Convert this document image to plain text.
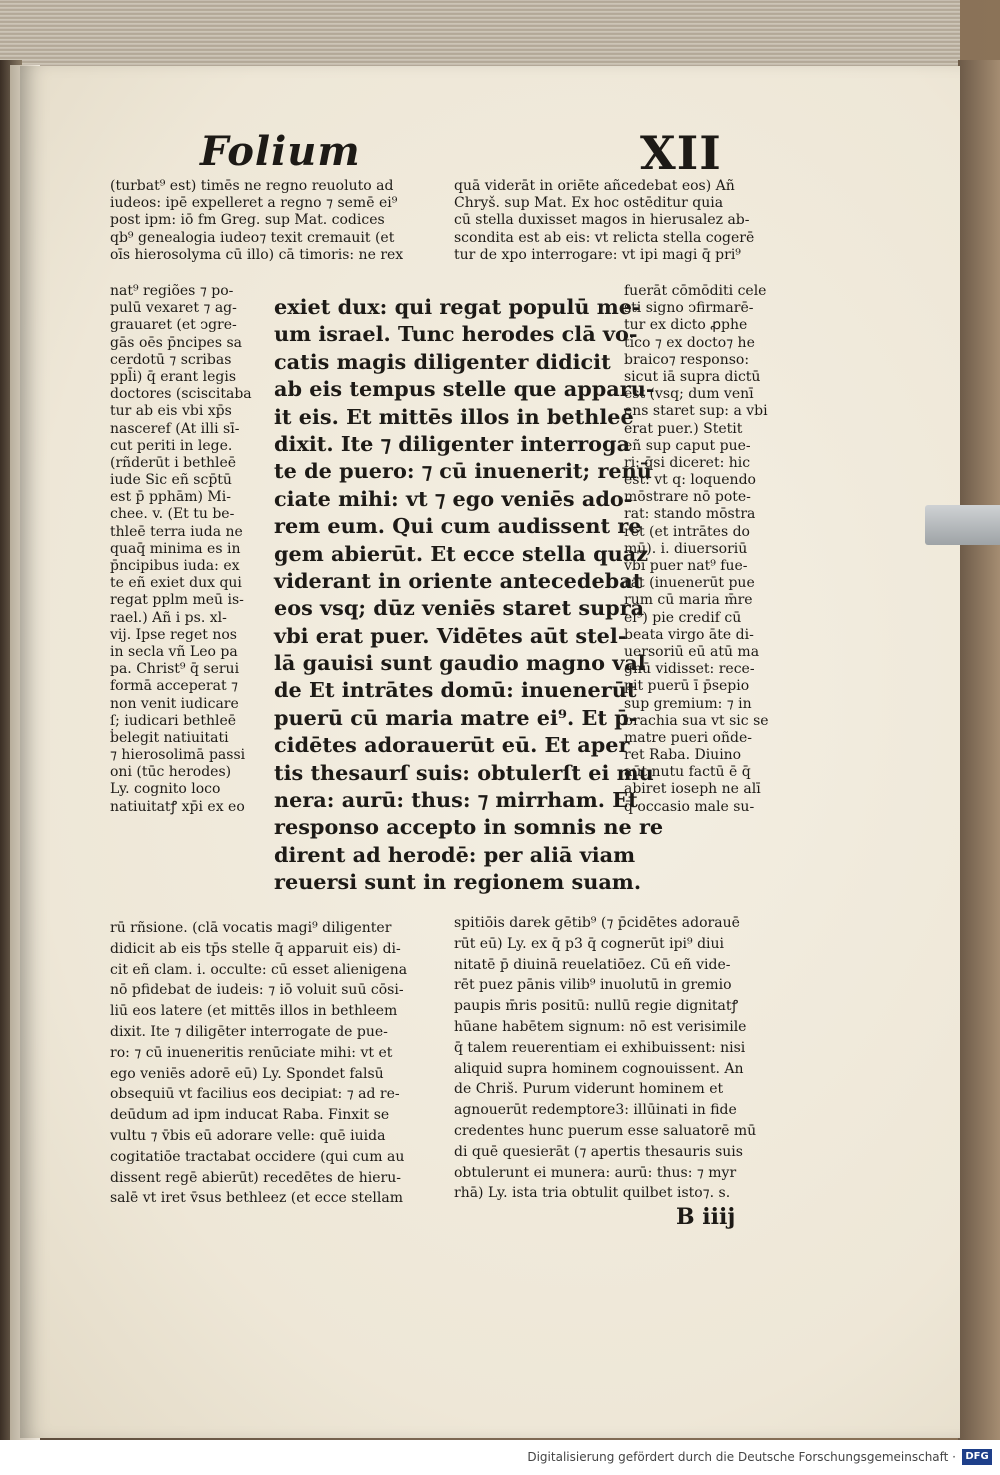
Folium	XII
(turbat⁹ est) timēs ne regno reuoluto ad
iudeos: ipē expelleret a regno ⁊ semē ei⁹
post ipm: iō fm Greg. sup Mat. codices
qb⁹ genealogia iudeo⁊ texit cremauit (et
oīs hierosolyma cū illo) cā timoris: ne rex
quā viderāt in oriēte añcedebat eos) Añ
Chryš. sup Mat. Ex hoc ostēditur quia
cū stella duxisset magos in hierusalez ab-
scondita est ab eis: vt relicta stella cogerē
tur de xpo interrogare: vt ipi magi q̄ pri⁹
nat⁹ regiões ⁊ po-
pulū vexaret ⁊ ag-
grauaret (et ↄgre-
gās oēs p̄ncipes sa
cerdotū ⁊ scribas
ppl̄i) q̄ erant legis
doctores (sciscitaba
tur ab eis vbi xp̄s
nasceref (At illi sī-
cut periti in lege.
(rñderūt i bethleē
iude Sic eñ scp̄tū
est p̄ pphām) Mi-
chee. v. (Et tu be-
thleē terra iuda ne
quaq̄ minima es in
p̄ncipibus iuda: ex
te eñ exiet dux qui
regat pplm meū is-
rael.) Añ i ps. xl-
vij. Ipse reget nos
in secla vñ Leo pa
pa. Christ⁹ q̄ serui
formā acceperat ⁊
non venit iudicare
ſ; iudicari bethleē
ḃelegit natiuitati
⁊ hierosolimā passi
oni (tūc herodes)
Ly. cognito loco
natiuitatꝭ xp̄i ex eo
exiet dux: qui regat populū me-
um israel. Tunc herodes clā vo-
catis magis diligenter didicit
ab eis tempus stelle que apparu-
it eis. Et mittēs illos in bethleē
dixit. Ite ⁊ diligenter interroga
te de puero: ⁊ cū inuenerit; renū
ciate mihi: vt ⁊ ego veniēs ado-
rem eum. Qui cum audissent re
gem abierūt. Et ecce stella quaz
viderant in oriente antecedebat
eos vsq; dūz veniēs staret supra
vbi erat puer. Vidētes aūt stel-
lā gauisi sunt gaudio magno val
de Et intrātes domū: inuenerūt
puerū cū maria matre ei⁹. Et p̄-
cidētes adorauerūt eū. Et aper
tis thesaurſ suis: obtulerſt ei mu
nera: aurū: thus: ⁊ mirrham. Et
responso accepto in somnis ne re
dirent ad herodē: per aliā viam
reuersi sunt in regionem suam.
fuerāt cōmōditi cele
sti signo ↄfirmarē-
tur ex dicto ꝓphe
tico ⁊ ex docto⁊ he
braico⁊ responso:
sicut iā supra dictū
est (vsq; dum venī
ens staret sup: a vbi
erat puer.) Stetit
eñ sup caput pue-
ri: q̄si diceret: hic
est: vt q: loquendo
mōstrare nō pote-
rat: stando mōstra
ret (et intrātes do
mū). i. diuersoriū
vbi puer nat⁹ fue-
rat (inuenerūt pue
rum cū maria m̄re
ei⁹) pie credif cū
beata virgo āte di-
uersoriū eū atū ma
gnū vidisset: rece-
pit puerū ī p̄sepio
sup gremium: ⁊ in
brachia sua vt sic se
matre pueri oñde-
ret Raba. Diuino
aūt nutu factū ē q̄
abiret ioseph ne alī
q̄ occasio male su-
rū rñsione. (clā vocatis magi⁹ diligenter
didicit ab eis tp̄s stelle q̄ apparuit eis) di-
cit eñ clam. i. occulte: cū esset alienigena
nō pfidebat de iudeis: ⁊ iō voluit suū cōsi-
liū eos latere (et mittēs illos in bethleem
dixit. Ite ⁊ diligēter interrogate de pue-
ro: ⁊ cū inueneritis renūciate mihi: vt et
ego veniēs adorē eū) Ly. Spondet falsū
obsequiū vt facilius eos decipiat: ⁊ ad re-
deūdum ad ipm inducat Raba. Finxit se
vultu ⁊ v̄bis eū adorare velle: quē iuida
cogitatiōe tractabat occidere (qui cum au
dissent regē abierūt) recedētes de hieru-
salē vt iret v̄sus bethleez (et ecce stellam
spitiōis darek gētib⁹ (⁊ p̄cidētes adorauē
rūt eū) Ly. ex q̄ p3 q̄ cognerūt ipi⁹ diui
nitatē p̄ diuinā reuelatiōez. Cū eñ vide-
rēt puez pānis vilib⁹ inuolutū in gremio
paupis m̄ris positū: nullū regie dignitatꝭ
hūane habētem signum: nō est verisimile
q̄ talem reuerentiam ei exhibuissent: nisi
aliquid supra hominem cognouissent. An
de Chriš. Purum viderunt hominem et
agnouerūt redemptore3: illūinati in fide
credentes hunc puerum esse saluatorē mū
di quē quesierāt (⁊ apertis thesauris suis
obtulerunt ei munera: aurū: thus: ⁊ myr
rhā) Ly. ista tria obtulit quilbet isto⁊. s.
B iiij
Digitalisierung gefördert durch die Deutsche Forschungsgemeinschaft · DFG
